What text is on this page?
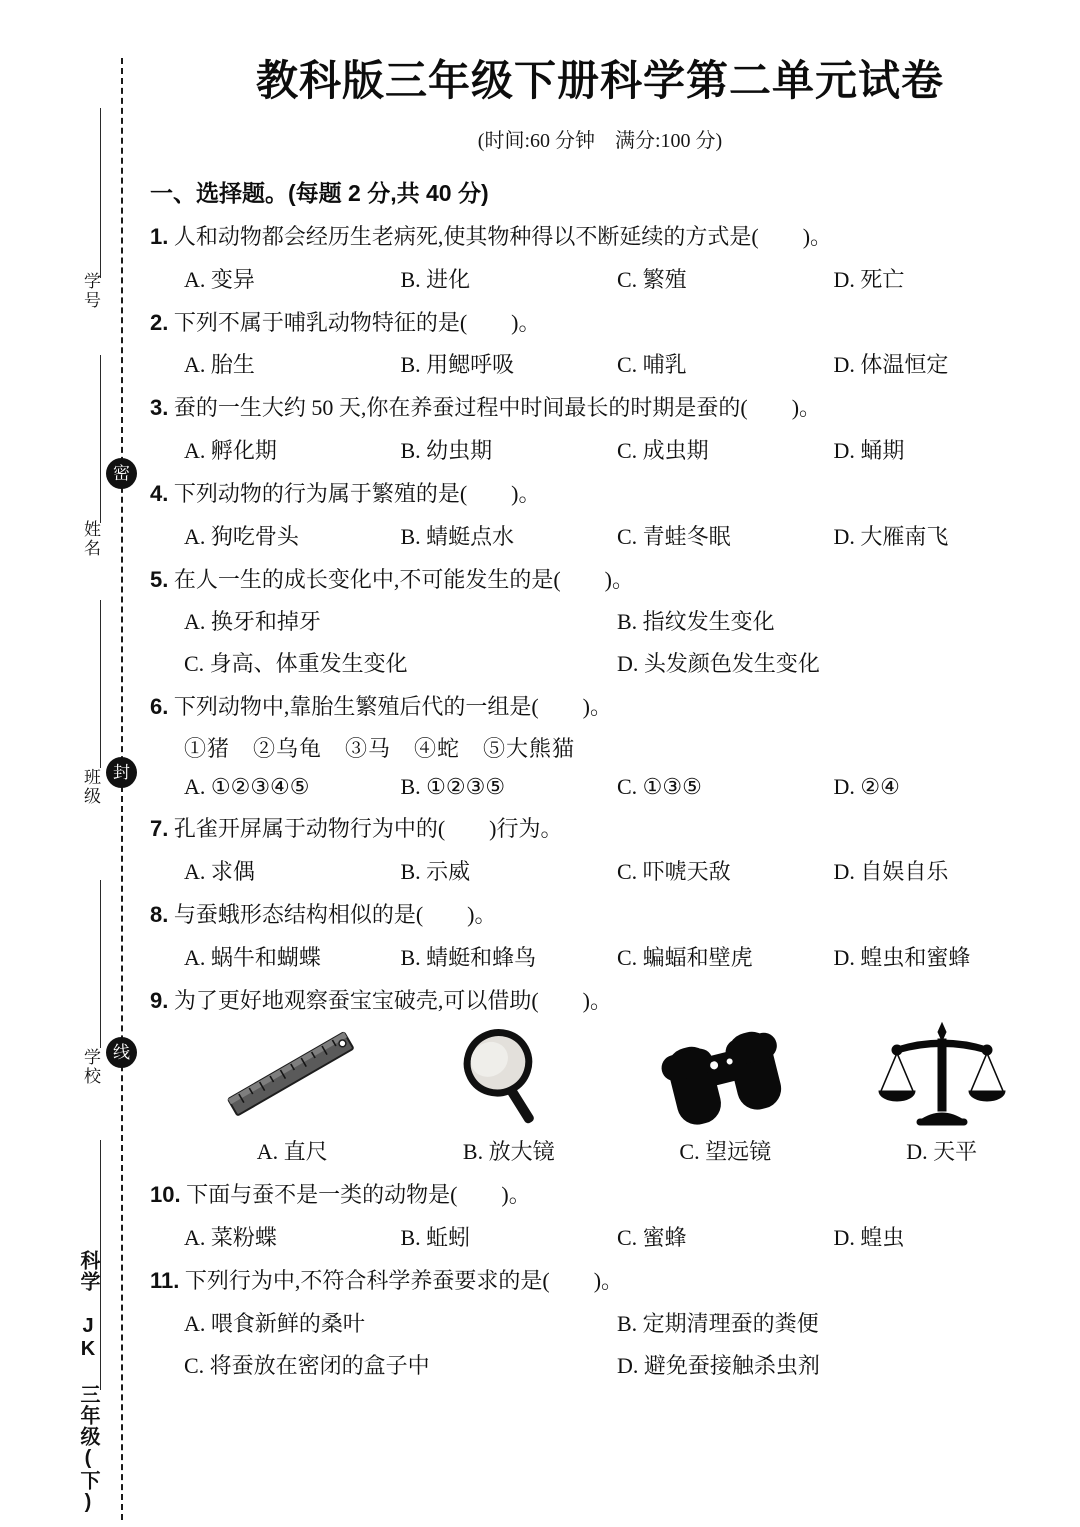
学号
姓名
班级
学校
科学 JK 三年级(下)
密
封
线
教科版三年级下册科学第二单元试卷
(时间:60 分钟　满分:100 分)
一、选择题。(每题 2 分,共 40 分)
1. 人和动物都会经历生老病死,使其物种得以不断延续的方式是(　　)。
A. 变异	B. 进化	C. 繁殖	D. 死亡
2. 下列不属于哺乳动物特征的是(　　)。
A. 胎生	B. 用鳃呼吸	C. 哺乳	D. 体温恒定
3. 蚕的一生大约 50 天,你在养蚕过程中时间最长的时期是蚕的(　　)。
A. 孵化期	B. 幼虫期	C. 成虫期	D. 蛹期
4. 下列动物的行为属于繁殖的是(　　)。
A. 狗吃骨头	B. 蜻蜓点水	C. 青蛙冬眠	D. 大雁南飞
5. 在人一生的成长变化中,不可能发生的是(　　)。
A. 换牙和掉牙	B. 指纹发生变化
C. 身高、体重发生变化	D. 头发颜色发生变化
6. 下列动物中,靠胎生繁殖后代的一组是(　　)。
①猪　②乌龟　③马　④蛇　⑤大熊猫
A. ①②③④⑤	B. ①②③⑤	C. ①③⑤	D. ②④
7. 孔雀开屏属于动物行为中的(　　)行为。
A. 求偶	B. 示威	C. 吓唬天敌	D. 自娱自乐
8. 与蚕蛾形态结构相似的是(　　)。
A. 蜗牛和蝴蝶	B. 蜻蜓和蜂鸟	C. 蝙蝠和壁虎	D. 蝗虫和蜜蜂
9. 为了更好地观察蚕宝宝破壳,可以借助(　　)。
A. 直尺	B. 放大镜	C. 望远镜	D. 天平
10. 下面与蚕不是一类的动物是(　　)。
A. 菜粉蝶	B. 蚯蚓	C. 蜜蜂	D. 蝗虫
11. 下列行为中,不符合科学养蚕要求的是(　　)。
A. 喂食新鲜的桑叶	B. 定期清理蚕的粪便
C. 将蚕放在密闭的盒子中	D. 避免蚕接触杀虫剂
